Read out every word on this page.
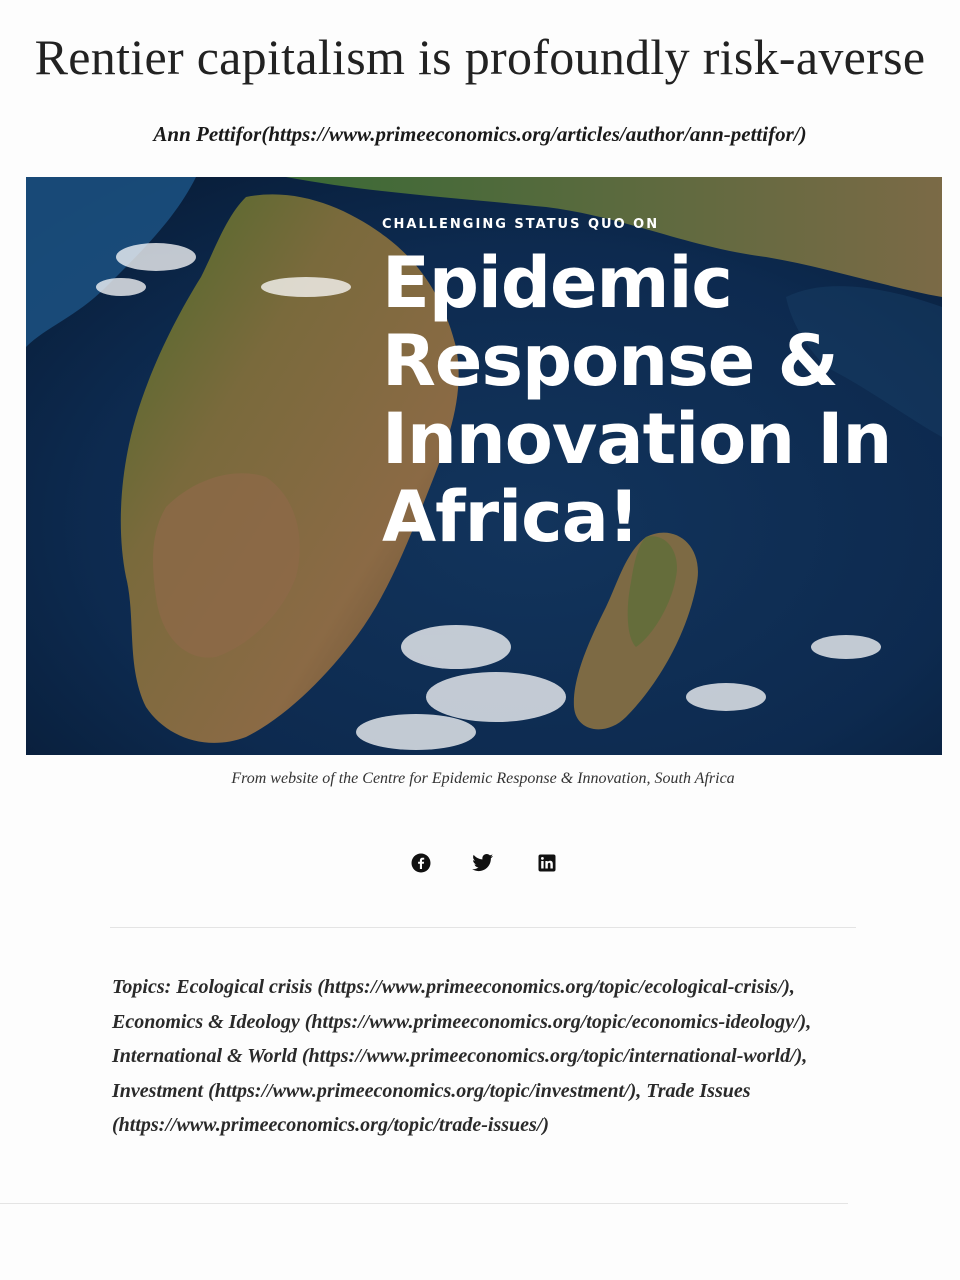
Rentier capitalism is profoundly risk-averse
Ann Pettifor(https://www.primeeconomics.org/articles/author/ann-pettifor/)
CHALLENGING STATUS QUO ON
Epidemic
Response &
Innovation In
Africa!
From website of the Centre for Epidemic Response & Innovation, South Africa
Topics: Ecological crisis (https://www.primeeconomics.org/topic/ecological-crisis/), Economics & Ideology (https://www.primeeconomics.org/topic/economics-ideology/), International & World (https://www.primeeconomics.org/topic/international-world/), Investment (https://www.primeeconomics.org/topic/investment/), Trade Issues (https://www.primeeconomics.org/topic/trade-issues/)
